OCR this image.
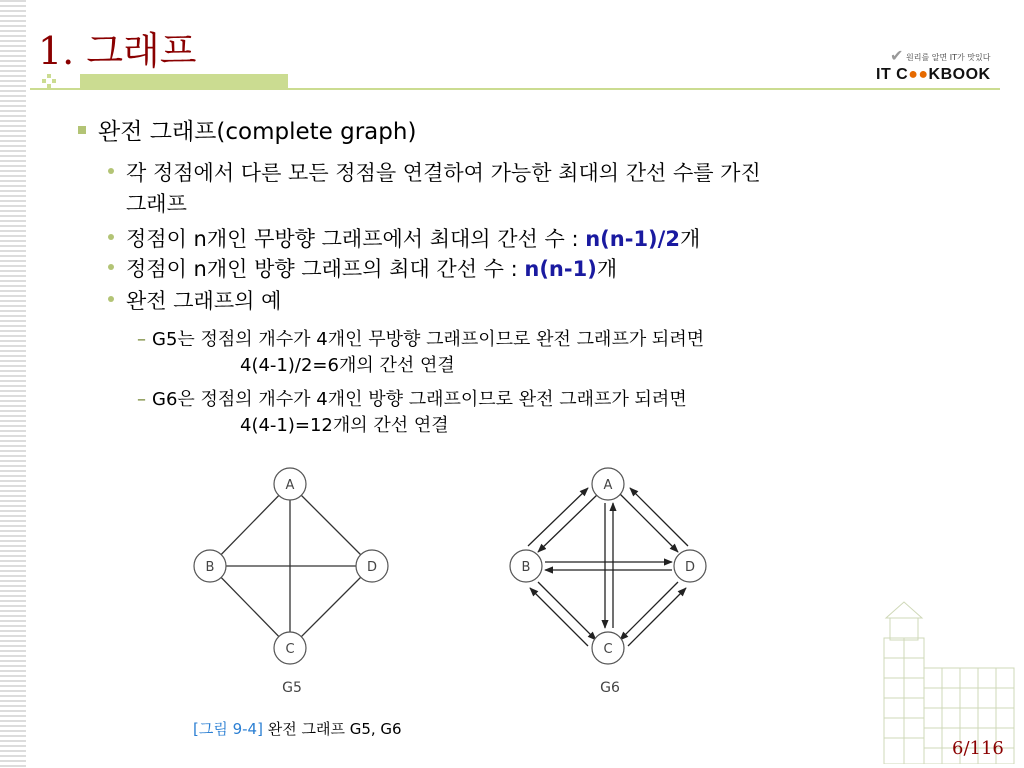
1. 그래프	✔ 원리를 알면 IT가 맛있다
IT C●●KBOOK
완전 그래프(complete graph)
각 정점에서 다른 모든 정점을 연결하여 가능한 최대의 간선 수를 가진
그래프
정점이 n개인 무방향 그래프에서 최대의 간선 수 : n(n-1)/2개
정점이 n개인 방향 그래프의 최대 간선 수 : n(n-1)개
완전 그래프의 예
– G5는 정점의 개수가 4개인 무방향 그래프이므로 완전 그래프가 되려면
4(4-1)/2=6개의 간선 연결
– G6은 정점의 개수가 4개인 방향 그래프이므로 완전 그래프가 되려면
4(4-1)=12개의 간선 연결
A
B
C
D
G5
A
B
C
D
G6
[그림 9-4] 완전 그래프 G5, G6
6/116
